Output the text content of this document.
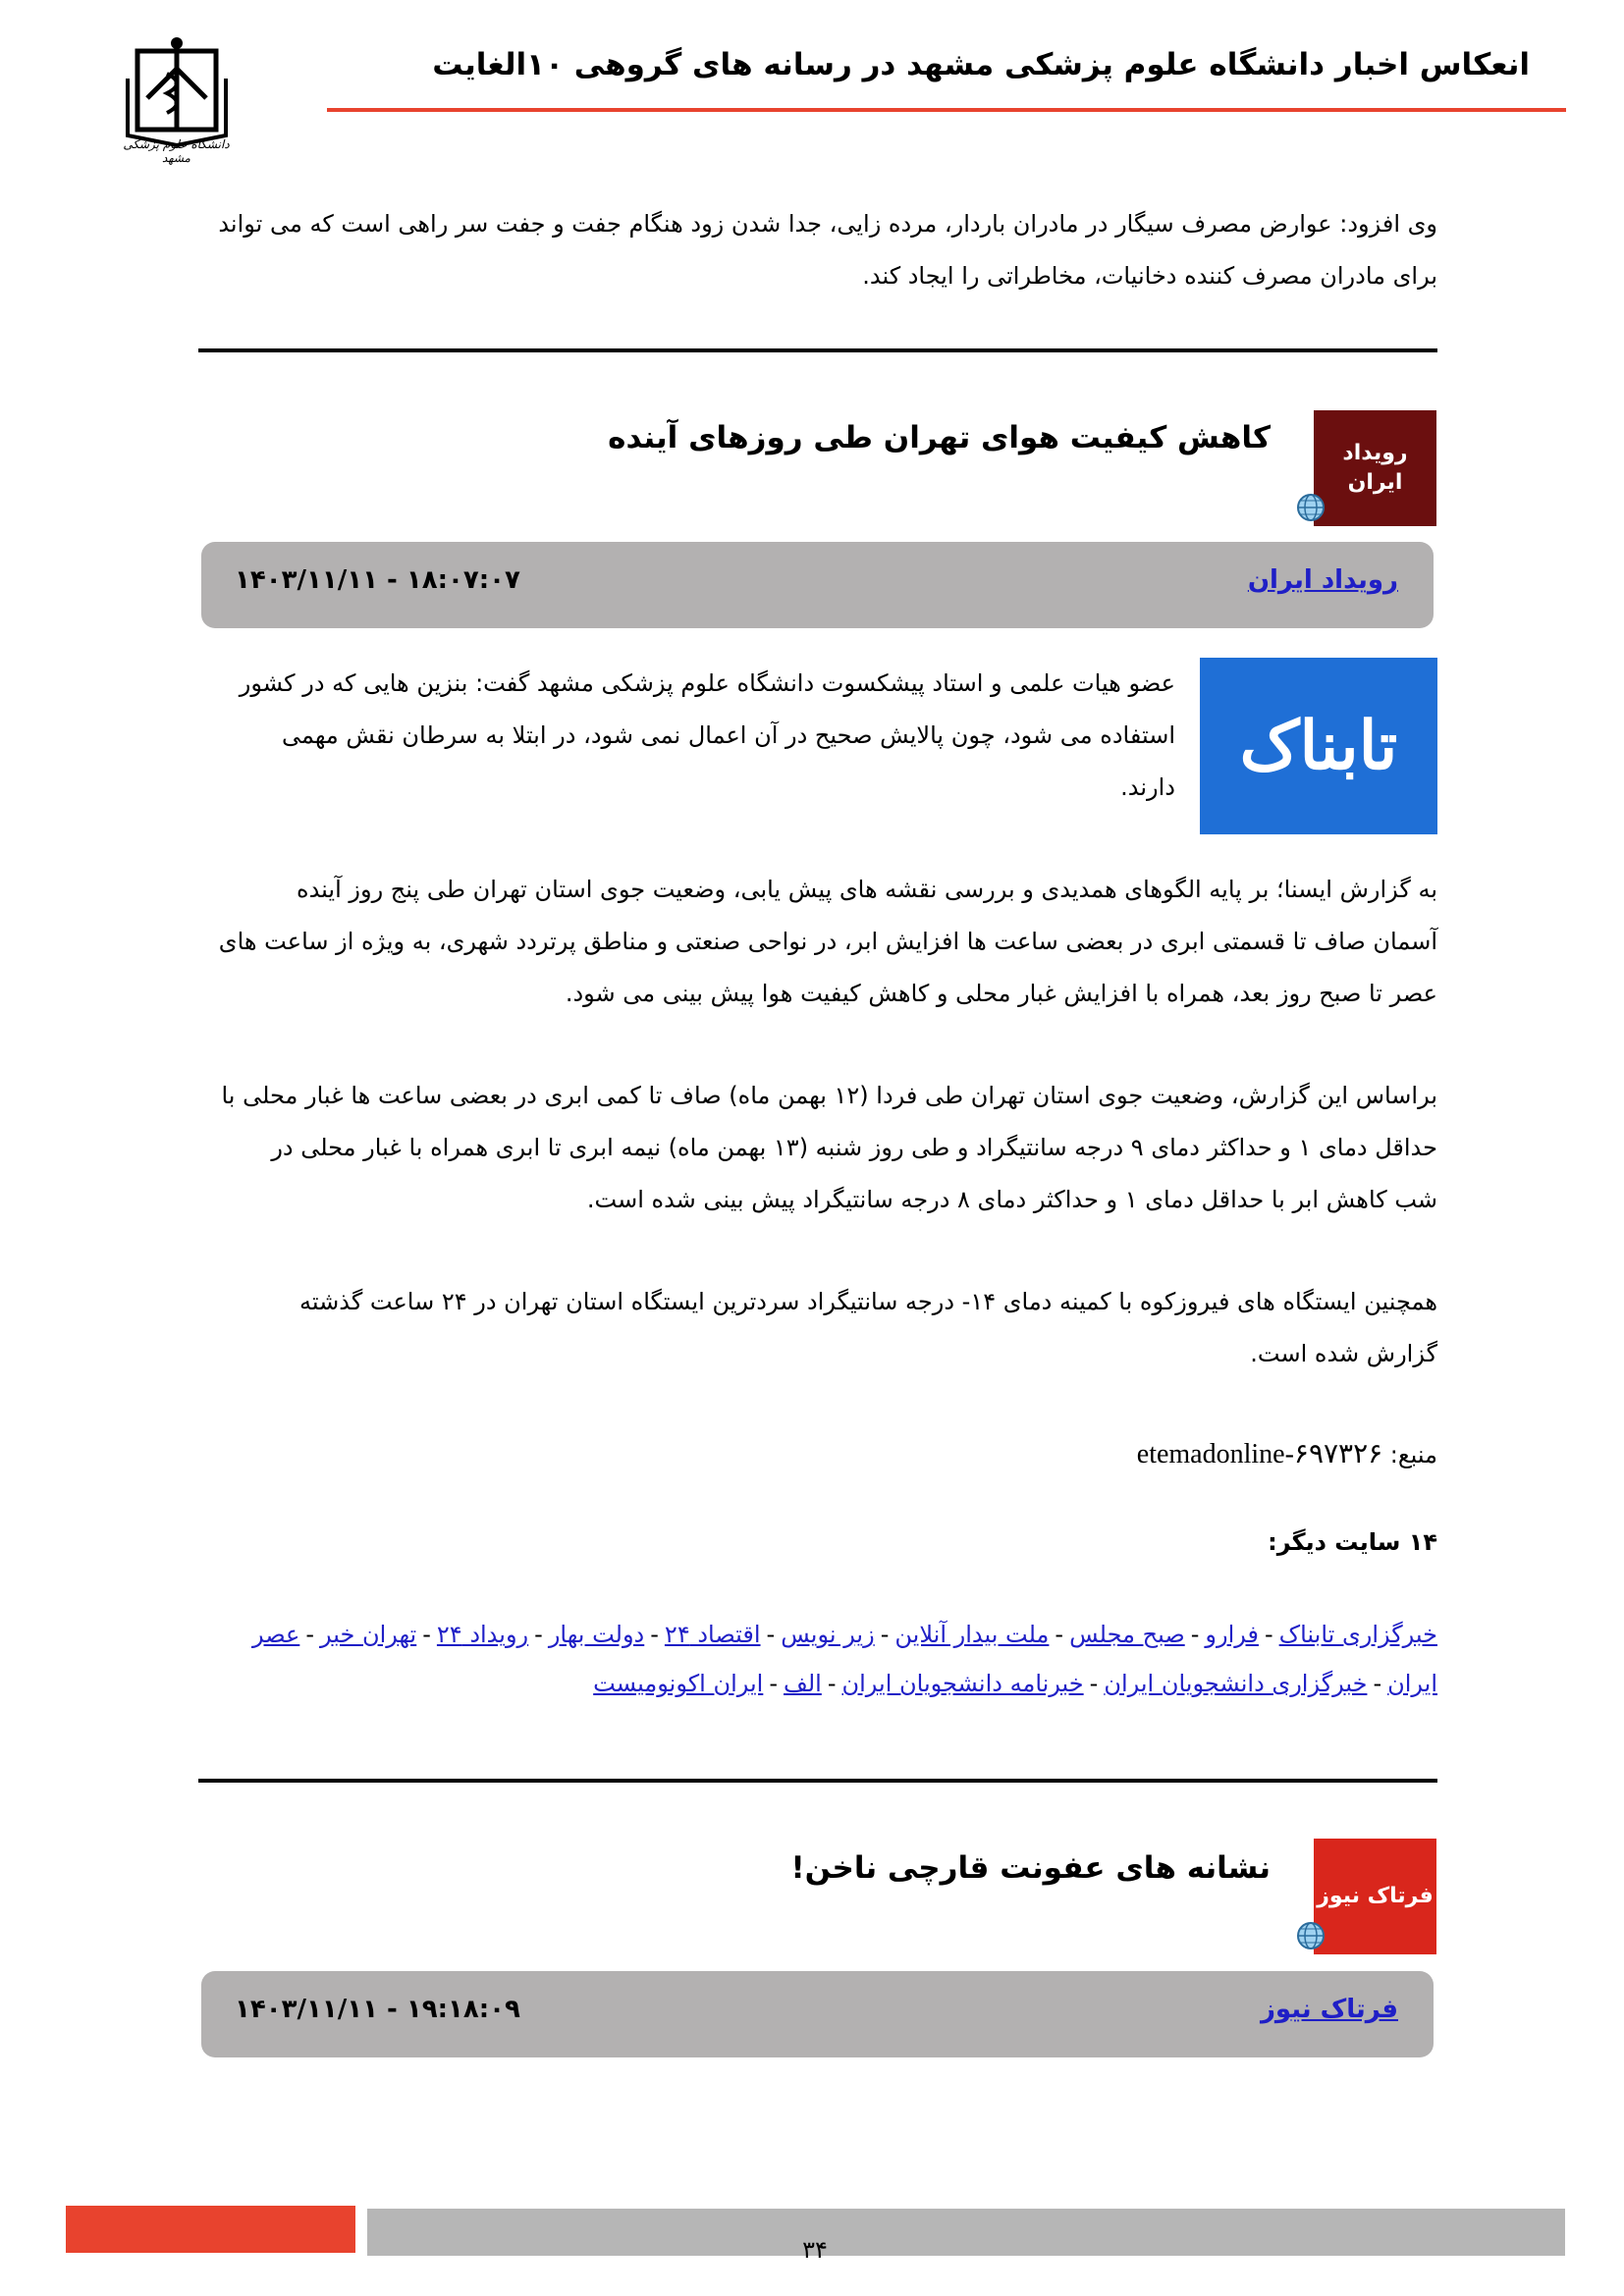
انعکاس اخبار دانشگاه علوم پزشکی مشهد در رسانه های گروهی ۱۰الغایت
دانشگاه علوم پزشکی مشهد
وی افزود: عوارض مصرف سیگار در مادران باردار، مرده زایی، جدا شدن زود هنگام جفت و جفت سر راهی است که می تواند
برای مادران مصرف کننده دخانیات، مخاطراتی را ایجاد کند.
رویداد ایران
کاهش کیفیت هوای تهران طی روزهای آینده
رویداد ایران
۱۴۰۳/۱۱/۱۱ - ۱۸:۰۷:۰۷
تابناک
عضو هیات علمی و استاد پیشکسوت دانشگاه علوم پزشکی مشهد گفت: بنزین هایی که در کشور
استفاده می شود، چون پالایش صحیح در آن اعمال نمی شود، در ابتلا به سرطان نقش مهمی
دارند.
به گزارش ایسنا؛ بر پایه الگوهای همدیدی و بررسی نقشه های پیش یابی، وضعیت جوی استان تهران طی پنج روز آینده
آسمان صاف تا قسمتی ابری در بعضی ساعت ها افزایش ابر، در نواحی صنعتی و مناطق پرتردد شهری، به ویژه از ساعت های
عصر تا صبح روز بعد، همراه با افزایش غبار محلی و کاهش کیفیت هوا پیش بینی می شود.
براساس این گزارش، وضعیت جوی استان تهران طی فردا (۱۲ بهمن ماه) صاف تا کمی ابری در بعضی ساعت ها غبار محلی با
حداقل دمای ۱ و حداکثر دمای ۹ درجه سانتیگراد و طی روز شنبه (۱۳ بهمن ماه) نیمه ابری تا ابری همراه با غبار محلی در
شب کاهش ابر با حداقل دمای ۱ و حداکثر دمای ۸ درجه سانتیگراد پیش بینی شده است.
همچنین ایستگاه های فیروزکوه با کمینه دمای ۱۴- درجه سانتیگراد سردترین ایستگاه استان تهران در ۲۴ ساعت گذشته
گزارش شده است.
منبع: etemadonline-۶۹۷۳۲۶
۱۴ سایت دیگر:
خبرگزاری تابناک-فرارو-صبح مجلس-ملت بیدار آنلاین-زیر نویس-اقتصاد ۲۴-دولت بهار-رویداد ۲۴-تهران خبر-عصر
ایران-خبرگزاری دانشجویان ایران-خبرنامه دانشجویان ایران-الف-ایران اکونومیست
فرتاک نیوز
نشانه های عفونت قارچی ناخن!
فرتاک نیوز
۱۴۰۳/۱۱/۱۱ - ۱۹:۱۸:۰۹
۳۴
